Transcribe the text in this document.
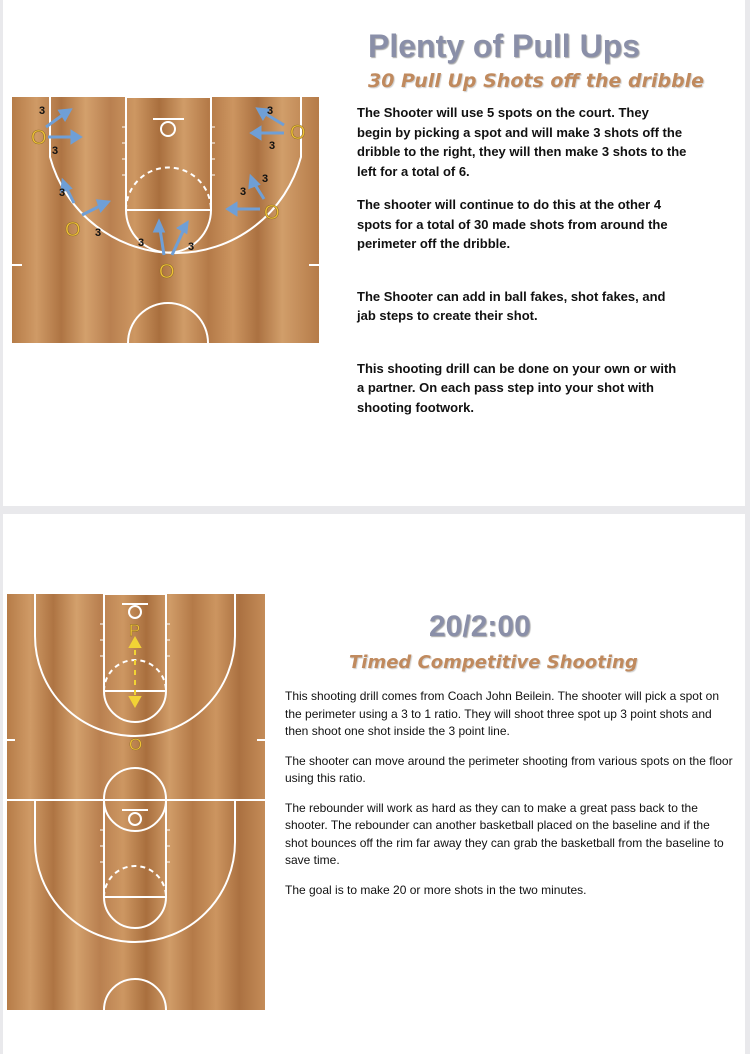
O	O
O
O
O
3
3
3
3
3
3
3
3
3	3
Plenty of Pull Ups
30 Pull Up Shots off the dribble

The Shooter will use 5 spots on the court. They begin by picking a spot and will make 3 shots off the dribble to the right, they will then make 3 shots to the left for a total of 6.

The shooter will continue to do this at the other 4 spots for a total of 30 made shots from around the perimeter off the dribble.

The Shooter can add in ball fakes, shot fakes, and jab steps to create their shot.

This shooting drill can be done on your own or with a partner. On each pass step into your shot with shooting footwork.

P
O
20/2:00
Timed Competitive Shooting

This shooting drill comes from Coach John Beilein. The shooter will pick a spot on the perimeter using a 3 to 1 ratio. They will shoot three spot up 3 point shots and then shoot one shot inside the 3 point line.

The shooter can move around the perimeter shooting from various spots on the floor using this ratio.

The rebounder will work as hard as they can to make a great pass back to the shooter. The rebounder can another basketball placed on the baseline and if the shot bounces off the rim far away they can grab the basketball from the baseline to save time.

The goal is to make 20 or more shots in the two minutes.
